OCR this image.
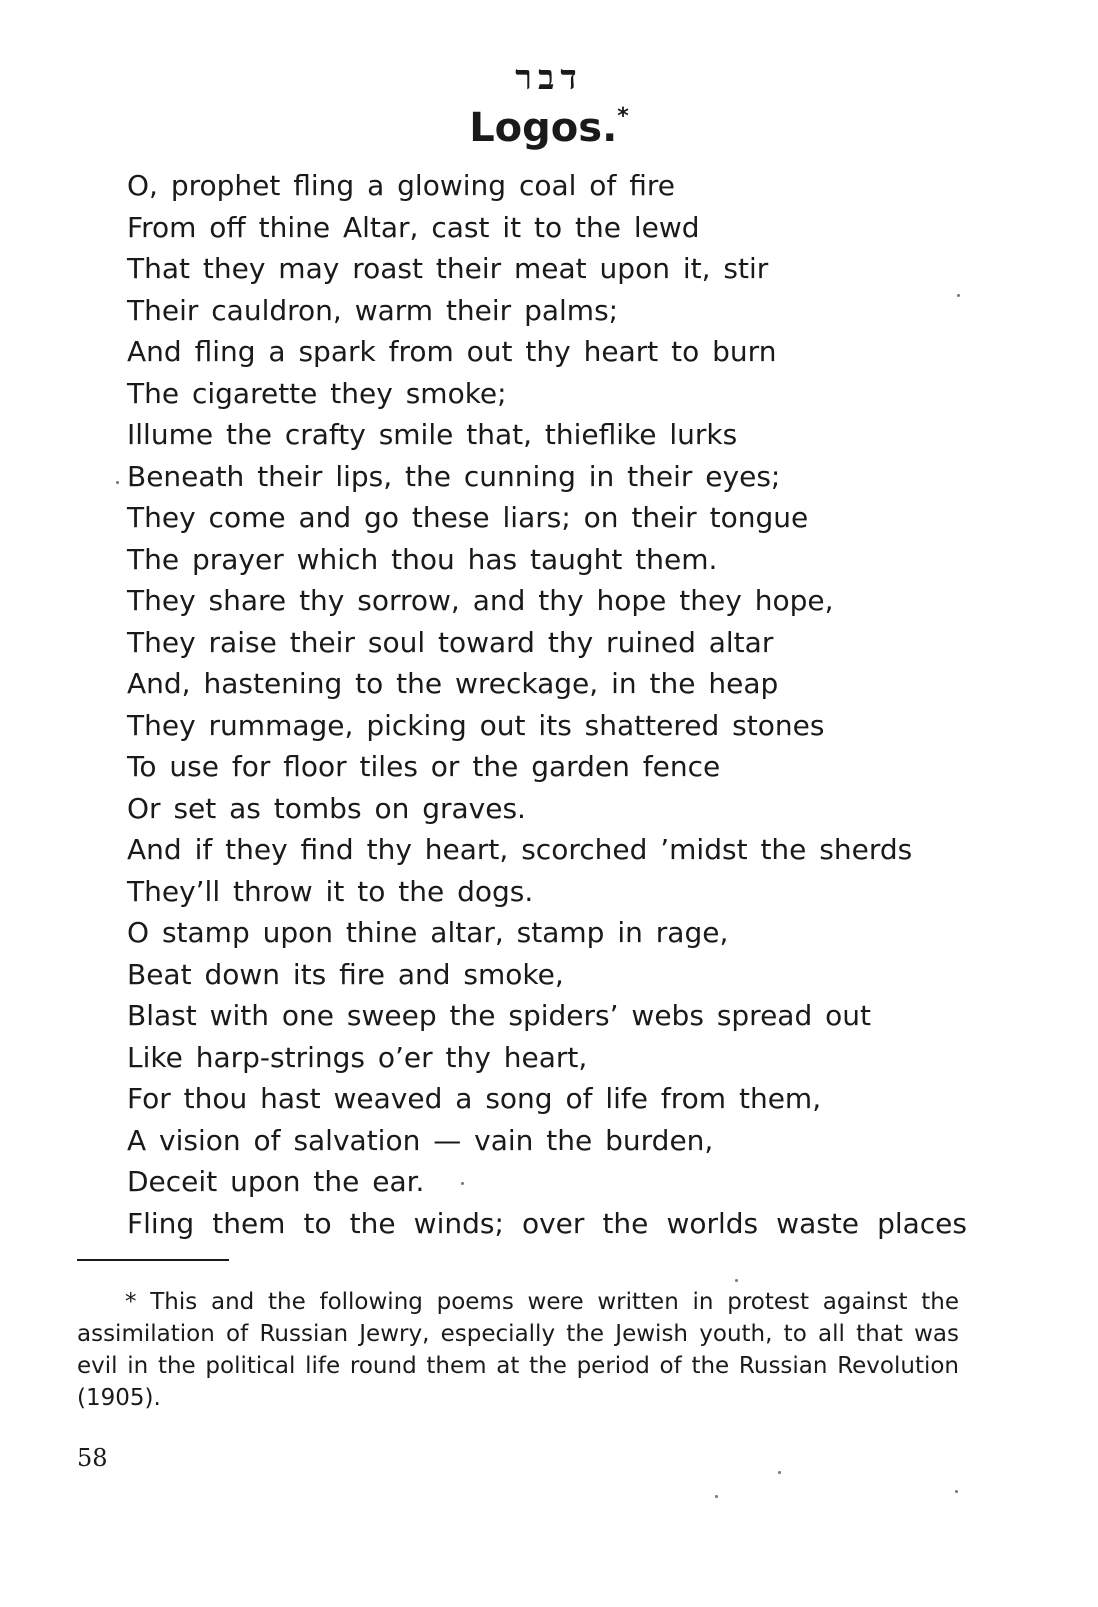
דבר
Logos.*
O, prophet fling a glowing coal of fire
From off thine Altar, cast it to the lewd
That they may roast their meat upon it, stir
Their cauldron, warm their palms;
And fling a spark from out thy heart to burn
The cigarette they smoke;
Illume the crafty smile that, thieflike lurks
Beneath their lips, the cunning in their eyes;
They come and go these liars; on their tongue
The prayer which thou has taught them.
They share thy sorrow, and thy hope they hope,
They raise their soul toward thy ruined altar
And, hastening to the wreckage, in the heap
They rummage, picking out its shattered stones
To use for floor tiles or the garden fence
Or set as tombs on graves.
And if they find thy heart, scorched ’midst the sherds
They’ll throw it to the dogs.
O stamp upon thine altar, stamp in rage,
Beat down its fire and smoke,
Blast with one sweep the spiders’ webs spread out
Like harp-strings o’er thy heart,
For thou hast weaved a song of life from them,
A vision of salvation — vain the burden,
Deceit upon the ear.
Fling them to the winds; over the worlds waste places

* This and the following poems were written in protest against the assimilation of Russian Jewry, especially the Jewish youth, to all that was evil in the political life round them at the period of the Russian Revolution (1905).

58
